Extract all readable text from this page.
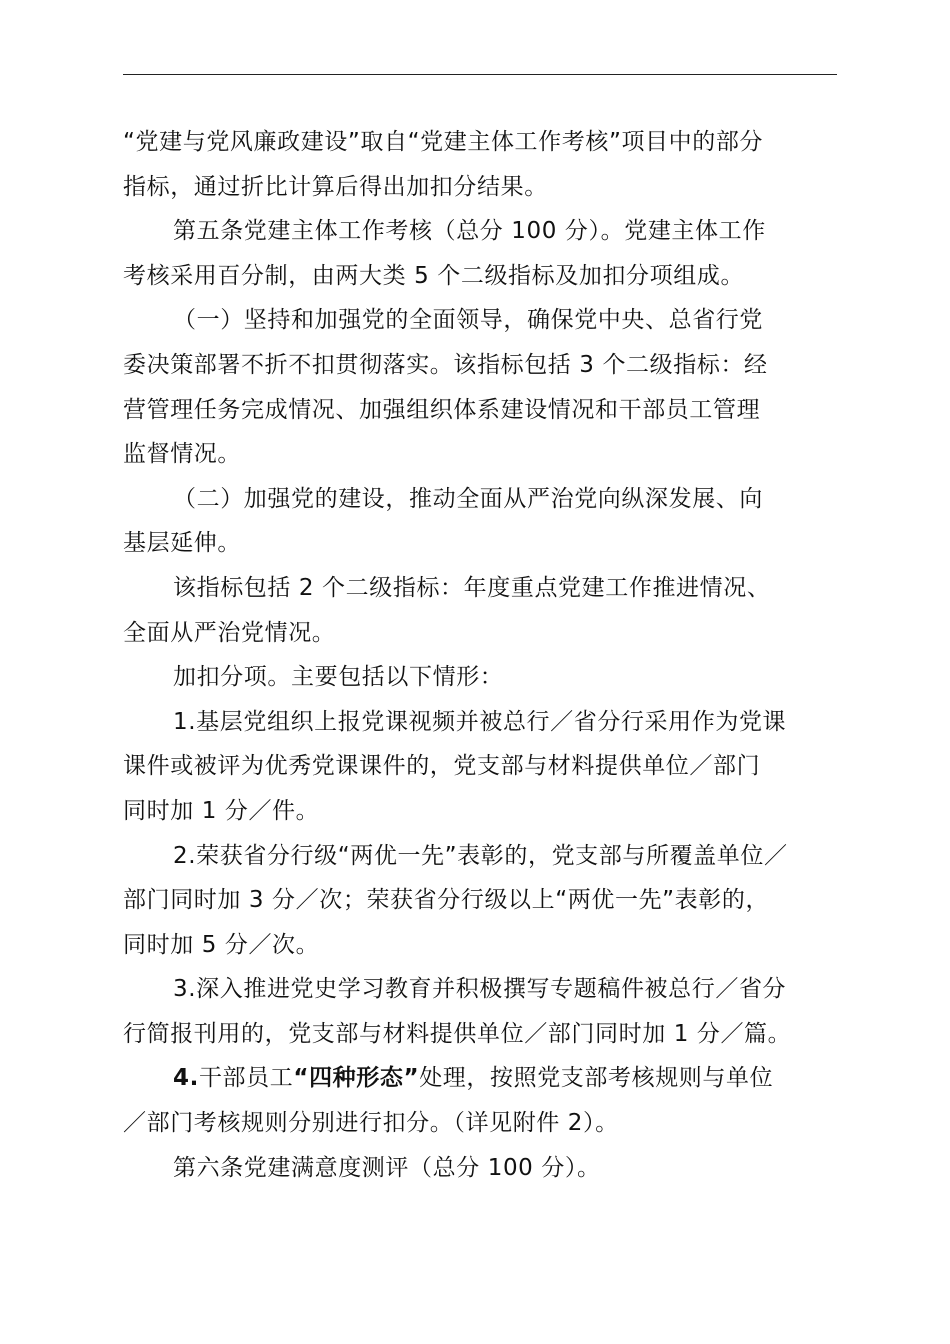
“党建与党风廉政建设”取自“党建主体工作考核”项目中的部分
指标，通过折比计算后得出加扣分结果。
第五条党建主体工作考核（总分 100 分）。党建主体工作
考核采用百分制，由两大类 5 个二级指标及加扣分项组成。
（一）坚持和加强党的全面领导，确保党中央、总省行党
委决策部署不折不扣贯彻落实。该指标包括 3 个二级指标：经
营管理任务完成情况、加强组织体系建设情况和干部员工管理
监督情况。
（二）加强党的建设，推动全面从严治党向纵深发展、向
基层延伸。
该指标包括 2 个二级指标：年度重点党建工作推进情况、
全面从严治党情况。
加扣分项。主要包括以下情形：
1.基层党组织上报党课视频并被总行／省分行采用作为党课
课件或被评为优秀党课课件的，党支部与材料提供单位／部门
同时加 1 分／件。
2.荣获省分行级“两优一先”表彰的，党支部与所覆盖单位／
部门同时加 3 分／次；荣获省分行级以上“两优一先”表彰的，
同时加 5 分／次。
3.深入推进党史学习教育并积极撰写专题稿件被总行／省分
行简报刊用的，党支部与材料提供单位／部门同时加 1 分／篇。
4.干部员工“四种形态”处理，按照党支部考核规则与单位
／部门考核规则分别进行扣分。（详见附件 2）。
第六条党建满意度测评（总分 100 分）。
